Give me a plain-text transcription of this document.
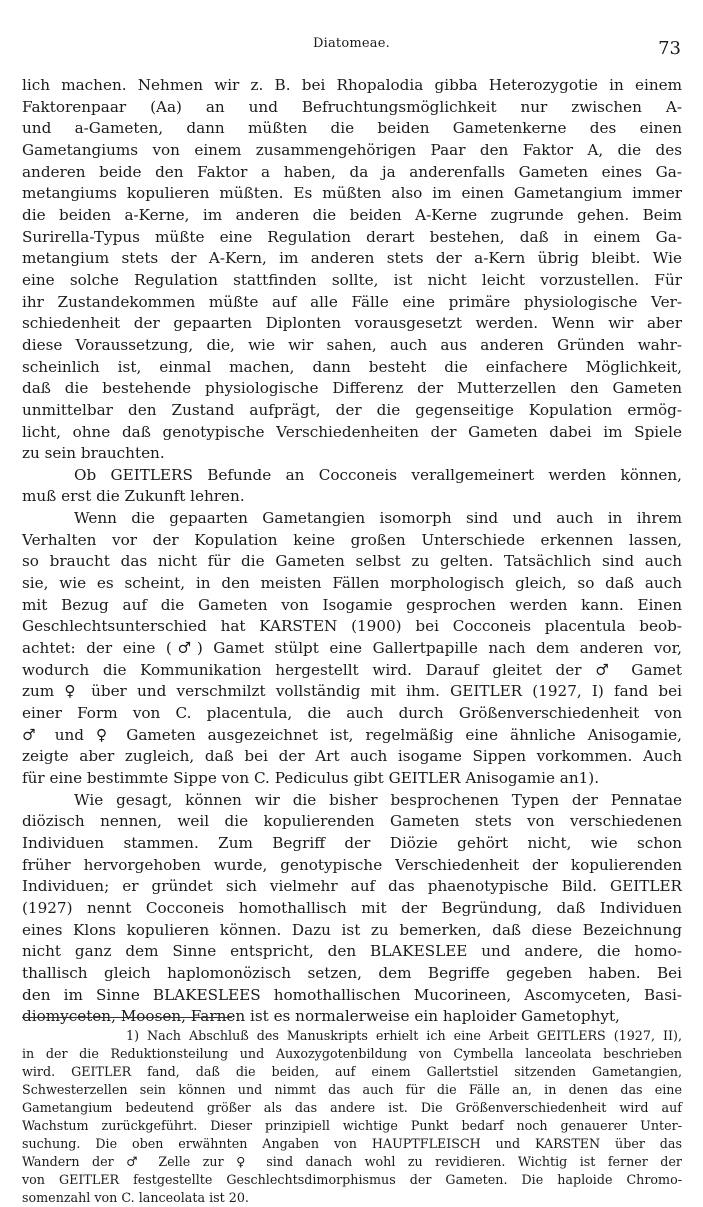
Diatomeae.	73
lich machen. Nehmen wir z. B. bei Rhopalodia gibba Heterozygotie in einem
Faktorenpaar (Aa) an und Befruchtungsmöglichkeit nur zwischen A-
und a-Gameten, dann müßten die beiden Gametenkerne des einen
Gametangiums von einem zusammengehörigen Paar den Faktor A, die des
anderen beide den Faktor a haben, da ja anderenfalls Gameten eines Ga-
metangiums kopulieren müßten. Es müßten also im einen Gametangium immer
die beiden a-Kerne, im anderen die beiden A-Kerne zugrunde gehen. Beim
Surirella-Typus müßte eine Regulation derart bestehen, daß in einem Ga-
metangium stets der A-Kern, im anderen stets der a-Kern übrig bleibt. Wie
eine solche Regulation stattfinden sollte, ist nicht leicht vorzustellen. Für
ihr Zustandekommen müßte auf alle Fälle eine primäre physiologische Ver-
schiedenheit der gepaarten Diplonten vorausgesetzt werden. Wenn wir aber
diese Voraussetzung, die, wie wir sahen, auch aus anderen Gründen wahr-
scheinlich ist, einmal machen, dann besteht die einfachere Möglichkeit,
daß die bestehende physiologische Differenz der Mutterzellen den Gameten
unmittelbar den Zustand aufprägt, der die gegenseitige Kopulation ermög-
licht, ohne daß genotypische Verschiedenheiten der Gameten dabei im Spiele
zu sein brauchten.
Ob GEITLERS Befunde an Cocconeis verallgemeinert werden können,
muß erst die Zukunft lehren.
Wenn die gepaarten Gametangien isomorph sind und auch in ihrem
Verhalten vor der Kopulation keine großen Unterschiede erkennen lassen,
so braucht das nicht für die Gameten selbst zu gelten. Tatsächlich sind auch
sie, wie es scheint, in den meisten Fällen morphologisch gleich, so daß auch
mit Bezug auf die Gameten von Isogamie gesprochen werden kann. Einen
Geschlechtsunterschied hat KARSTEN (1900) bei Cocconeis placentula beob-
achtet: der eine (♂) Gamet stülpt eine Gallertpapille nach dem anderen vor,
wodurch die Kommunikation hergestellt wird. Darauf gleitet der ♂ Gamet
zum ♀ über und verschmilzt vollständig mit ihm. GEITLER (1927, I) fand bei
einer Form von C. placentula, die auch durch Größenverschiedenheit von
♂ und ♀ Gameten ausgezeichnet ist, regelmäßig eine ähnliche Anisogamie,
zeigte aber zugleich, daß bei der Art auch isogame Sippen vorkommen. Auch
für eine bestimmte Sippe von C. Pediculus gibt GEITLER Anisogamie an1).
Wie gesagt, können wir die bisher besprochenen Typen der Pennatae
diözisch nennen, weil die kopulierenden Gameten stets von verschiedenen
Individuen stammen. Zum Begriff der Diözie gehört nicht, wie schon
früher hervorgehoben wurde, genotypische Verschiedenheit der kopulierenden
Individuen; er gründet sich vielmehr auf das phaenotypische Bild. GEITLER
(1927) nennt Cocconeis homothallisch mit der Begründung, daß Individuen
eines Klons kopulieren können. Dazu ist zu bemerken, daß diese Bezeichnung
nicht ganz dem Sinne entspricht, den BLAKESLEE und andere, die homo-
thallisch gleich haplomonözisch setzen, dem Begriffe gegeben haben. Bei
den im Sinne BLAKESLEES homothallischen Mucorineen, Ascomyceten, Basi-
diomyceten, Moosen, Farnen ist es normalerweise ein haploider Gametophyt,
1) Nach Abschluß des Manuskripts erhielt ich eine Arbeit GEITLERS (1927, II),
in der die Reduktionsteilung und Auxozygotenbildung von Cymbella lanceolata beschrieben
wird. GEITLER fand, daß die beiden, auf einem Gallertstiel sitzenden Gametangien,
Schwesterzellen sein können und nimmt das auch für die Fälle an, in denen das eine
Gametangium bedeutend größer als das andere ist. Die Größenverschiedenheit wird auf
Wachstum zurückgeführt. Dieser prinzipiell wichtige Punkt bedarf noch genauerer Unter-
suchung. Die oben erwähnten Angaben von HAUPTFLEISCH und KARSTEN über das
Wandern der ♂ Zelle zur ♀ sind danach wohl zu revidieren. Wichtig ist ferner der
von GEITLER festgestellte Geschlechtsdimorphismus der Gameten. Die haploide Chromo-
somenzahl von C. lanceolata ist 20.
